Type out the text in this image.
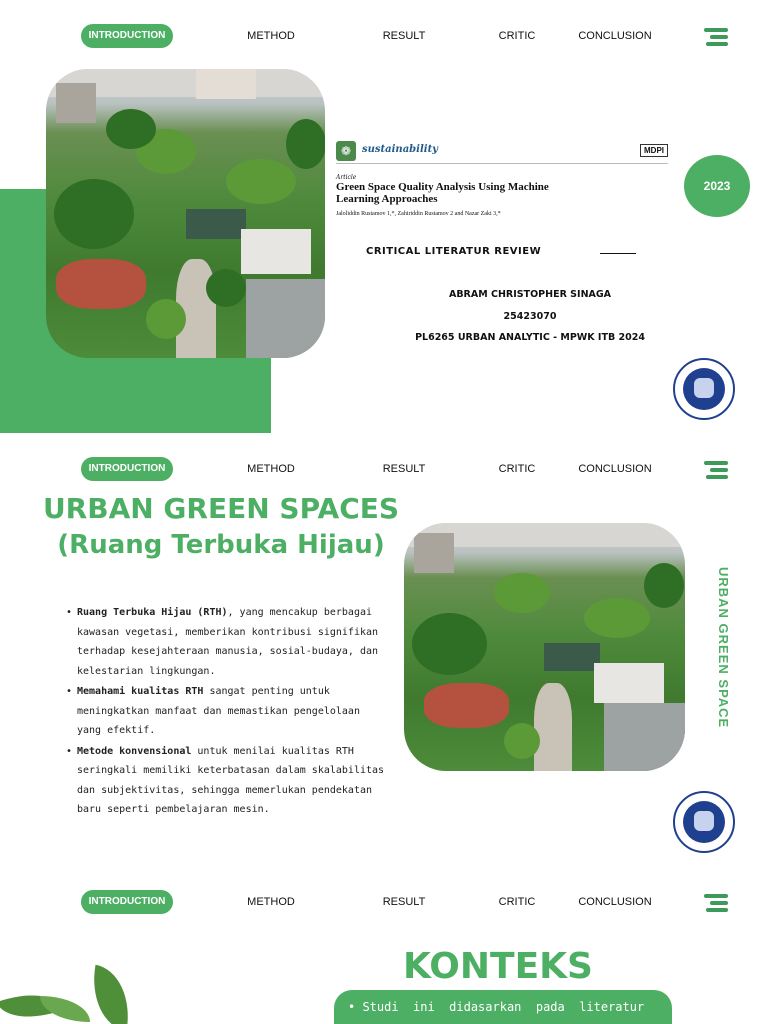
INTRODUCTION	METHOD	RESULT	CRITIC	CONCLUSION
❁	sustainability	MDPI
Article
Green Space Quality Analysis Using Machine Learning Approaches
Jaloliddin Rustamov 1,*, Zahiriddin Rustamov 2 and Nazar Zaki 3,*
2023
CRITICAL LITERATUR REVIEW
ABRAM CHRISTOPHER SINAGA
25423070
PL6265 URBAN ANALYTIC - MPWK ITB 2024
INTRODUCTION	METHOD	RESULT	CRITIC	CONCLUSION
URBAN GREEN SPACES
(Ruang Terbuka Hijau)
• Ruang Terbuka Hijau (RTH), yang mencakup berbagai kawasan vegetasi, memberikan kontribusi signifikan terhadap kesejahteraan manusia, sosial-budaya, dan kelestarian lingkungan.
• Memahami kualitas RTH sangat penting untuk meningkatkan manfaat dan memastikan pengelolaan yang efektif.
• Metode konvensional untuk menilai kualitas RTH seringkali memiliki keterbatasan dalam skalabilitas dan subjektivitas, sehingga memerlukan pendekatan baru seperti pembelajaran mesin.
URBAN GREEN SPACE
INTRODUCTION	METHOD	RESULT	CRITIC	CONCLUSION
KONTEKS
• Studi  ini  didasarkan  pada  literatur
